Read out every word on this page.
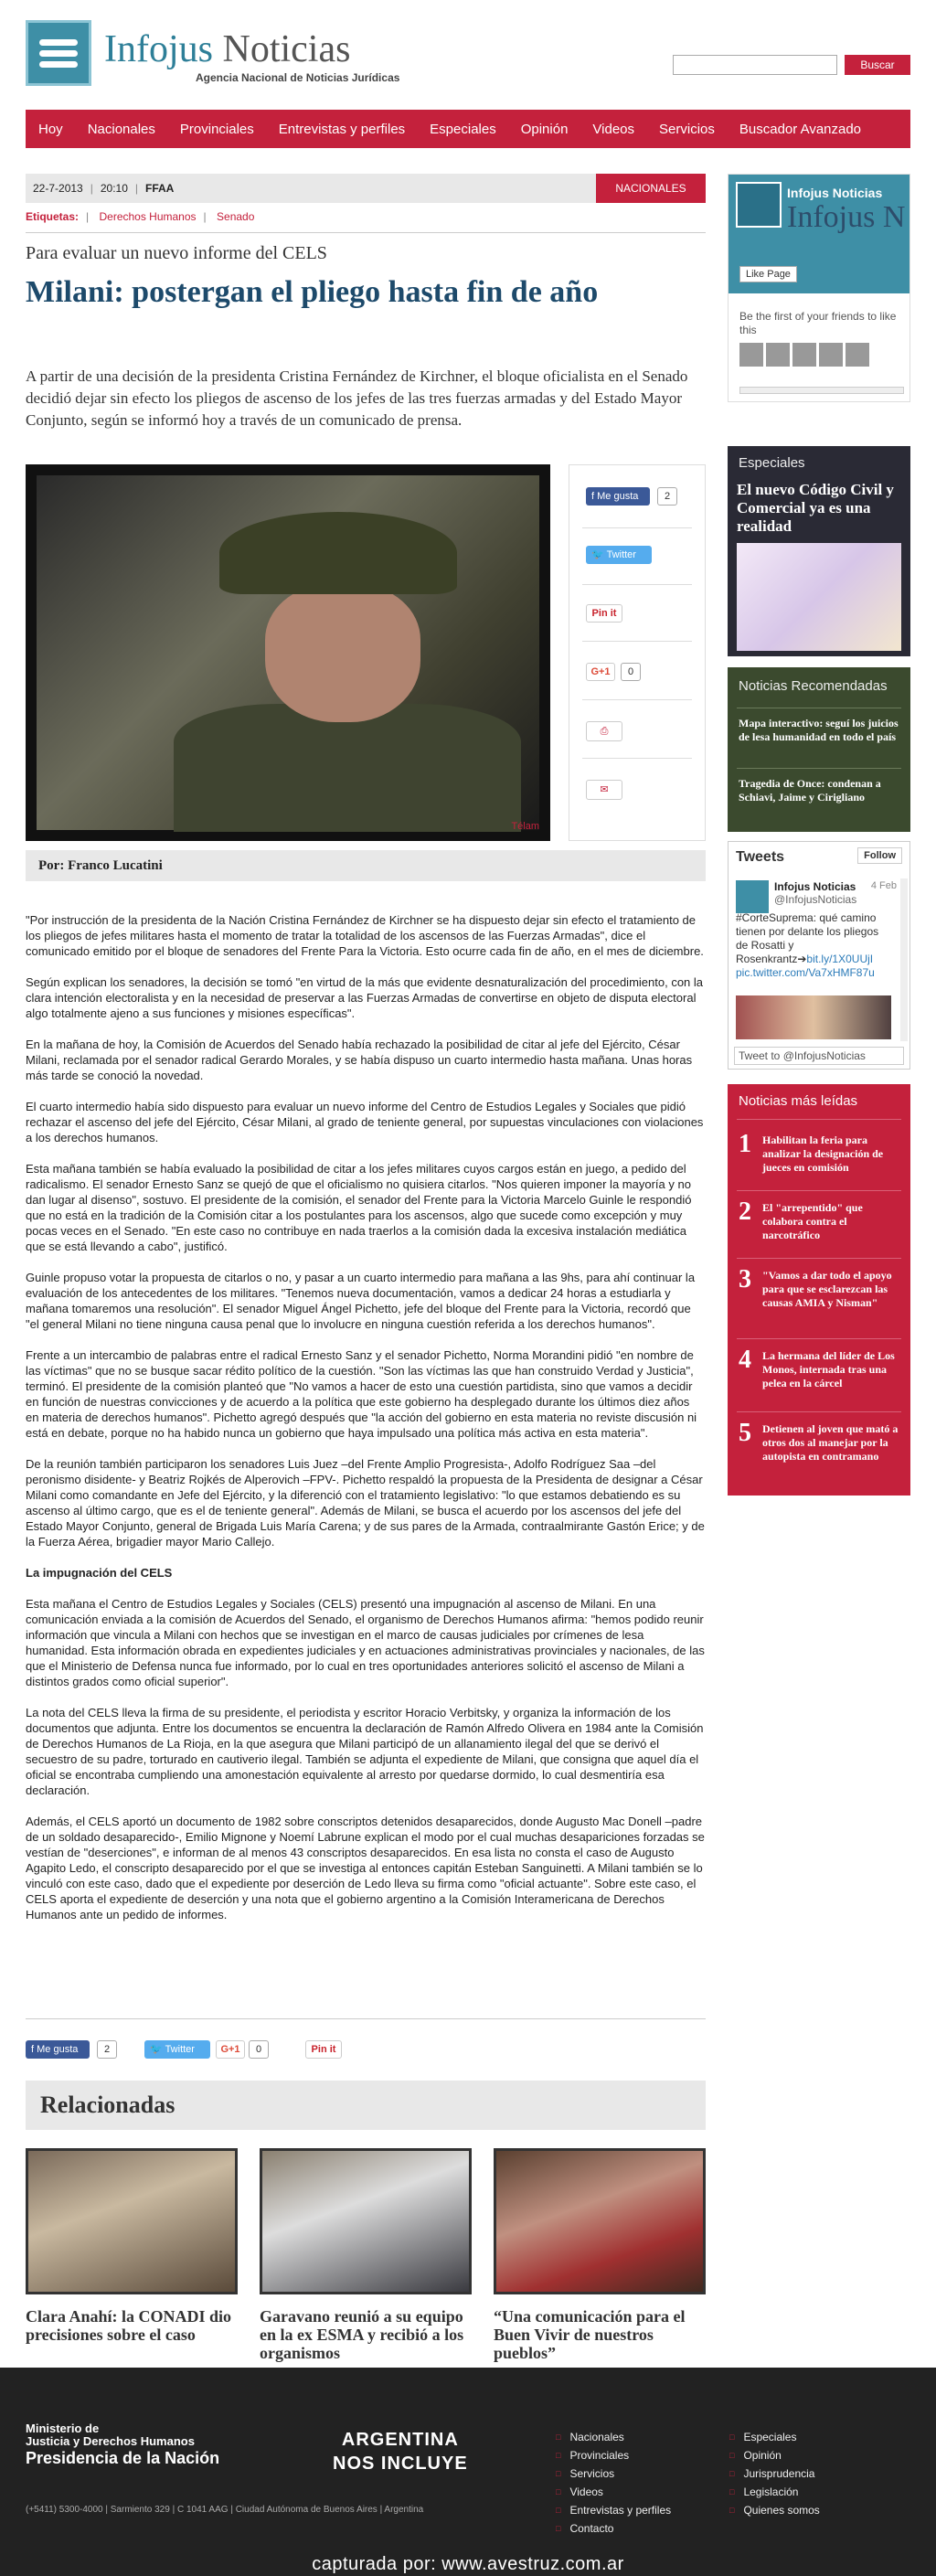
Infojus Noticias
Agencia Nacional de Noticias Jurídicas
Buscar
Hoy Nacionales Provinciales Entrevistas y perfiles Especiales Opinión Videos Servicios Buscador Avanzado
22-7-2013 | 20:10 | FFAA	NACIONALES
Etiquetas: | Derechos Humanos | Senado
Para evaluar un nuevo informe del CELS
Milani: postergan el pliego hasta fin de año

A partir de una decisión de la presidenta Cristina Fernández de Kirchner, el bloque oficialista en el Senado decidió dejar sin efecto los pliegos de ascenso de los jefes de las tres fuerzas armadas y del Estado Mayor Conjunto, según se informó hoy a través de un comunicado de prensa.

Télam
f Me gusta	2
🐦 Twitter
Pin it
G+1	0
⎙
✉
Por: Franco Lucatini

"Por instrucción de la presidenta de la Nación Cristina Fernández de Kirchner se ha dispuesto dejar sin efecto el tratamiento de los pliegos de jefes militares hasta el momento de tratar la totalidad de los ascensos de las Fuerzas Armadas", dice el comunicado emitido por el bloque de senadores del Frente Para la Victoria. Esto ocurre cada fin de año, en el mes de diciembre.

Según explican los senadores, la decisión se tomó "en virtud de la más que evidente desnaturalización del procedimiento, con la clara intención electoralista y en la necesidad de preservar a las Fuerzas Armadas de convertirse en objeto de disputa electoral algo totalmente ajeno a sus funciones y misiones específicas".

En la mañana de hoy, la Comisión de Acuerdos del Senado había rechazado la posibilidad de citar al jefe del Ejército, César Milani, reclamada por el senador radical Gerardo Morales, y se había dispuso un cuarto intermedio hasta mañana. Unas horas más tarde se conoció la novedad.

El cuarto intermedio había sido dispuesto para evaluar un nuevo informe del Centro de Estudios Legales y Sociales que pidió rechazar el ascenso del jefe del Ejército, César Milani, al grado de teniente general, por supuestas vinculaciones con violaciones a los derechos humanos.

Esta mañana también se había evaluado la posibilidad de citar a los jefes militares cuyos cargos están en juego, a pedido del radicalismo. El senador Ernesto Sanz se quejó de que el oficialismo no quisiera citarlos. "Nos quieren imponer la mayoría y no dan lugar al disenso", sostuvo. El presidente de la comisión, el senador del Frente para la Victoria Marcelo Guinle le respondió que no está en la tradición de la Comisión citar a los postulantes para los ascensos, algo que sucede como excepción y muy pocas veces en el Senado. "En este caso no contribuye en nada traerlos a la comisión dada la excesiva instalación mediática que se está llevando a cabo", justificó.

Guinle propuso votar la propuesta de citarlos o no, y pasar a un cuarto intermedio para mañana a las 9hs, para ahí continuar la evaluación de los antecedentes de los militares. "Tenemos nueva documentación, vamos a dedicar 24 horas a estudiarla y mañana tomaremos una resolución". El senador Miguel Ángel Pichetto, jefe del bloque del Frente para la Victoria, recordó que "el general Milani no tiene ninguna causa penal que lo involucre en ninguna cuestión referida a los derechos humanos".

Frente a un intercambio de palabras entre el radical Ernesto Sanz y el senador Pichetto, Norma Morandini pidió "en nombre de las víctimas" que no se busque sacar rédito político de la cuestión. "Son las víctimas las que han construido Verdad y Justicia", terminó. El presidente de la comisión planteó que "No vamos a hacer de esto una cuestión partidista, sino que vamos a decidir en función de nuestras convicciones y de acuerdo a la política que este gobierno ha desplegado durante los últimos diez años en materia de derechos humanos". Pichetto agregó después que "la acción del gobierno en esta materia no reviste discusión ni está en debate, porque no ha habido nunca un gobierno que haya impulsado una política más activa en esta materia".

De la reunión también participaron los senadores Luis Juez –del Frente Amplio Progresista-, Adolfo Rodríguez Saa –del peronismo disidente- y Beatriz Rojkés de Alperovich –FPV-. Pichetto respaldó la propuesta de la Presidenta de designar a César Milani como comandante en Jefe del Ejército, y la diferenció con el tratamiento legislativo: "lo que estamos debatiendo es su ascenso al último cargo, que es el de teniente general". Además de Milani, se busca el acuerdo por los ascensos del jefe del Estado Mayor Conjunto, general de Brigada Luis María Carena; y de sus pares de la Armada, contraalmirante Gastón Erice; y de la Fuerza Aérea, brigadier mayor Mario Callejo.

La impugnación del CELS

Esta mañana el Centro de Estudios Legales y Sociales (CELS) presentó una impugnación al ascenso de Milani. En una comunicación enviada a la comisión de Acuerdos del Senado, el organismo de Derechos Humanos afirma: "hemos podido reunir información que vincula a Milani con hechos que se investigan en el marco de causas judiciales por crímenes de lesa humanidad. Esta información obrada en expedientes judiciales y en actuaciones administrativas provinciales y nacionales, de las que el Ministerio de Defensa nunca fue informado, por lo cual en tres oportunidades anteriores solicitó el ascenso de Milani a distintos grados como oficial superior".

La nota del CELS lleva la firma de su presidente, el periodista y escritor Horacio Verbitsky, y organiza la información de los documentos que adjunta. Entre los documentos se encuentra la declaración de Ramón Alfredo Olivera en 1984 ante la Comisión de Derechos Humanos de La Rioja, en la que asegura que Milani participó de un allanamiento ilegal del que se derivó el secuestro de su padre, torturado en cautiverio ilegal. También se adjunta el expediente de Milani, que consigna que aquel día el oficial se encontraba cumpliendo una amonestación equivalente al arresto por quedarse dormido, lo cual desmentiría esa declaración.

Además, el CELS aportó un documento de 1982 sobre conscriptos detenidos desaparecidos, donde Augusto Mac Donell –padre de un soldado desaparecido-, Emilio Mignone y Noemí Labrune explican el modo por el cual muchas desapariciones forzadas se vestían de "deserciones", e informan de al menos 43 conscriptos desaparecidos. En esa lista no consta el caso de Augusto Agapito Ledo, el conscripto desaparecido por el que se investiga al entonces capitán Esteban Sanguinetti. A Milani también se lo vinculó con este caso, dado que el expediente por deserción de Ledo lleva su firma como "oficial actuante". Sobre este caso, el CELS aporta el expediente de deserción y una nota que el gobierno argentino a la Comisión Interamericana de Derechos Humanos ante un pedido de informes.

f Me gusta	2	🐦 Twitter	G+1	0	Pin it
Relacionadas
Clara Anahí: la CONADI dio precisiones sobre el caso
Garavano reunió a su equipo en la ex ESMA y recibió a los organismos
“Una comunicación para el Buen Vivir de nuestros pueblos”
Infojus Noticias
Infojus N
Like Page
Be the first of your friends to like this
Especiales
El nuevo Código Civil y Comercial ya es una realidad
Noticias Recomendadas
Mapa interactivo: seguí los juicios de lesa humanidad en todo el país
Tragedia de Once: condenan a Schiavi, Jaime y Cirigliano
Tweets	Follow
Infojus Noticias
@InfojusNoticias
4 Feb
#CorteSuprema: qué camino tienen por delante los pliegos de Rosatti y Rosenkrantz➔bit.ly/1X0UUjI pic.twitter.com/Va7xHMF87u
Tweet to @InfojusNoticias
Noticias más leídas
1 Habilitan la feria para analizar la designación de jueces en comisión
2 El "arrepentido" que colabora contra el narcotráfico
3 "Vamos a dar todo el apoyo para que se esclarezcan las causas AMIA y Nisman"
4 La hermana del líder de Los Monos, internada tras una pelea en la cárcel
5 Detienen al joven que mató a otros dos al manejar por la autopista en contramano
Ministerio de
Justicia y Derechos Humanos
Presidencia de la Nación
ARGENTINA
NOS INCLUYE
(+5411) 5300-4000 | Sarmiento 329 | C 1041 AAG | Ciudad Autónoma de Buenos Aires | Argentina
□ Nacionales
□ Provinciales
□ Servicios
□ Videos
□ Entrevistas y perfiles
□ Contacto
□ Especiales
□ Opinión
□ Jurisprudencia
□ Legislación
□ Quienes somos
capturada por: www.avestruz.com.ar
